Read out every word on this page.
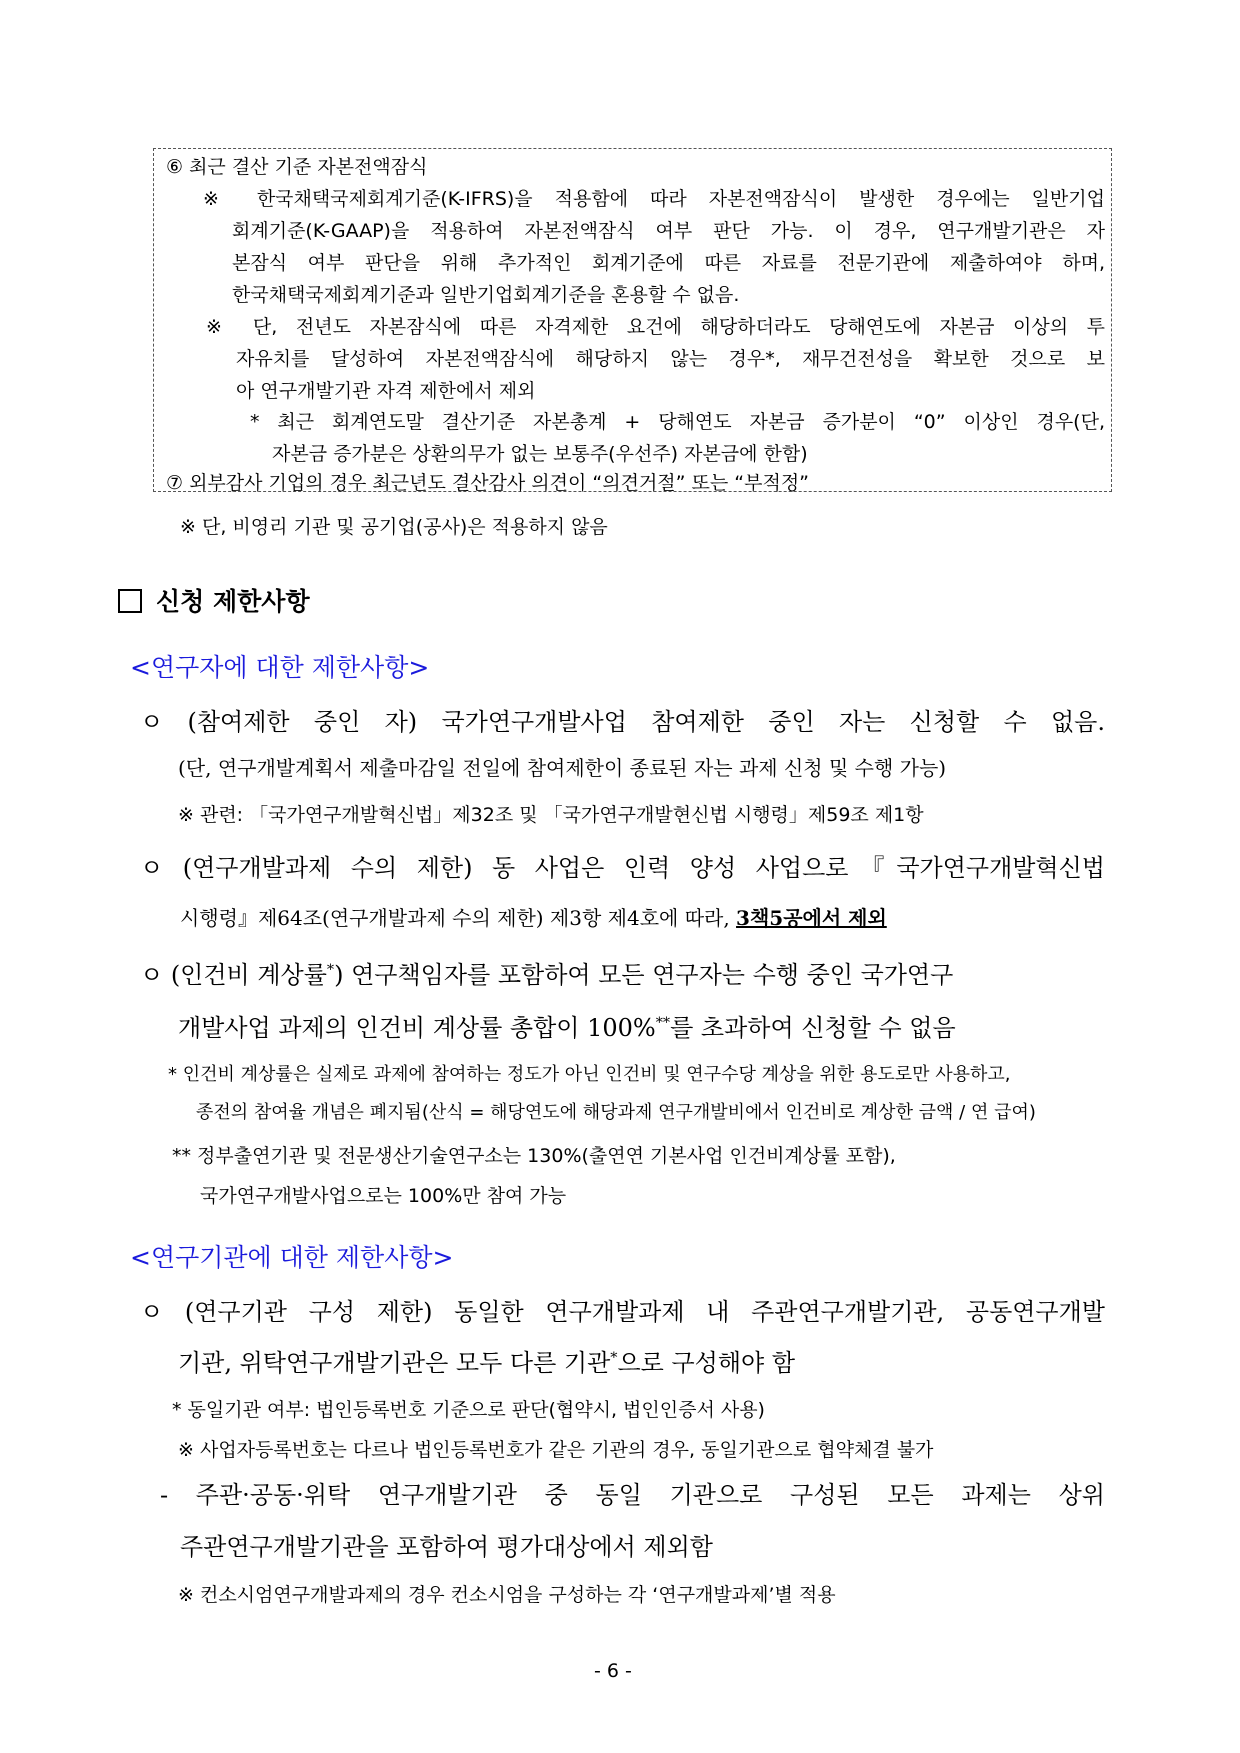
⑥ 최근 결산 기준 자본전액잠식
※ 한국채택국제회계기준(K-IFRS)을 적용함에 따라 자본전액잠식이 발생한 경우에는 일반기업
회계기준(K-GAAP)을 적용하여 자본전액잠식 여부 판단 가능. 이 경우, 연구개발기관은 자
본잠식 여부 판단을 위해 추가적인 회계기준에 따른 자료를 전문기관에 제출하여야 하며,
한국채택국제회계기준과 일반기업회계기준을 혼용할 수 없음.
※ 단, 전년도 자본잠식에 따른 자격제한 요건에 해당하더라도 당해연도에 자본금 이상의 투
자유치를 달성하여 자본전액잠식에 해당하지 않는 경우*, 재무건전성을 확보한 것으로 보
아 연구개발기관 자격 제한에서 제외
* 최근 회계연도말 결산기준 자본총계 + 당해연도 자본금 증가분이 “0” 이상인 경우(단,
자본금 증가분은 상환의무가 없는 보통주(우선주) 자본금에 한함)
⑦ 외부감사 기업의 경우 최근년도 결산감사 의견이 “의견거절” 또는 “부적정”
※ 단, 비영리 기관 및 공기업(공사)은 적용하지 않음
신청 제한사항
<연구자에 대한 제한사항>
ㅇ (참여제한 중인 자) 국가연구개발사업 참여제한 중인 자는 신청할 수 없음.
(단, 연구개발계획서 제출마감일 전일에 참여제한이 종료된 자는 과제 신청 및 수행 가능)
※ 관련: 「국가연구개발혁신법」제32조 및 「국가연구개발현신법 시행령」제59조 제1항
ㅇ (연구개발과제 수의 제한) 동 사업은 인력 양성 사업으로『국가연구개발혁신법
시행령』제64조(연구개발과제 수의 제한) 제3항 제4호에 따라, 3책5공에서 제외
ㅇ (인건비 계상률*) 연구책임자를 포함하여 모든 연구자는 수행 중인 국가연구
개발사업 과제의 인건비 계상률 총합이 100%**를 초과하여 신청할 수 없음
* 인건비 계상률은 실제로 과제에 참여하는 정도가 아닌 인건비 및 연구수당 계상을 위한 용도로만 사용하고,
종전의 참여율 개념은 폐지됨(산식 = 해당연도에 해당과제 연구개발비에서 인건비로 계상한 금액 / 연 급여)
** 정부출연기관 및 전문생산기술연구소는 130%(출연연 기본사업 인건비계상률 포함),
국가연구개발사업으로는 100%만 참여 가능
<연구기관에 대한 제한사항>
ㅇ (연구기관 구성 제한) 동일한 연구개발과제 내 주관연구개발기관, 공동연구개발
기관, 위탁연구개발기관은 모두 다른 기관*으로 구성해야 함
* 동일기관 여부: 법인등록번호 기준으로 판단(협약시, 법인인증서 사용)
※ 사업자등록번호는 다르나 법인등록번호가 같은 기관의 경우, 동일기관으로 협약체결 불가
- 주관·공동·위탁 연구개발기관 중 동일 기관으로 구성된 모든 과제는 상위
주관연구개발기관을 포함하여 평가대상에서 제외함
※ 컨소시엄연구개발과제의 경우 컨소시엄을 구성하는 각 ‘연구개발과제’별 적용
- 6 -
